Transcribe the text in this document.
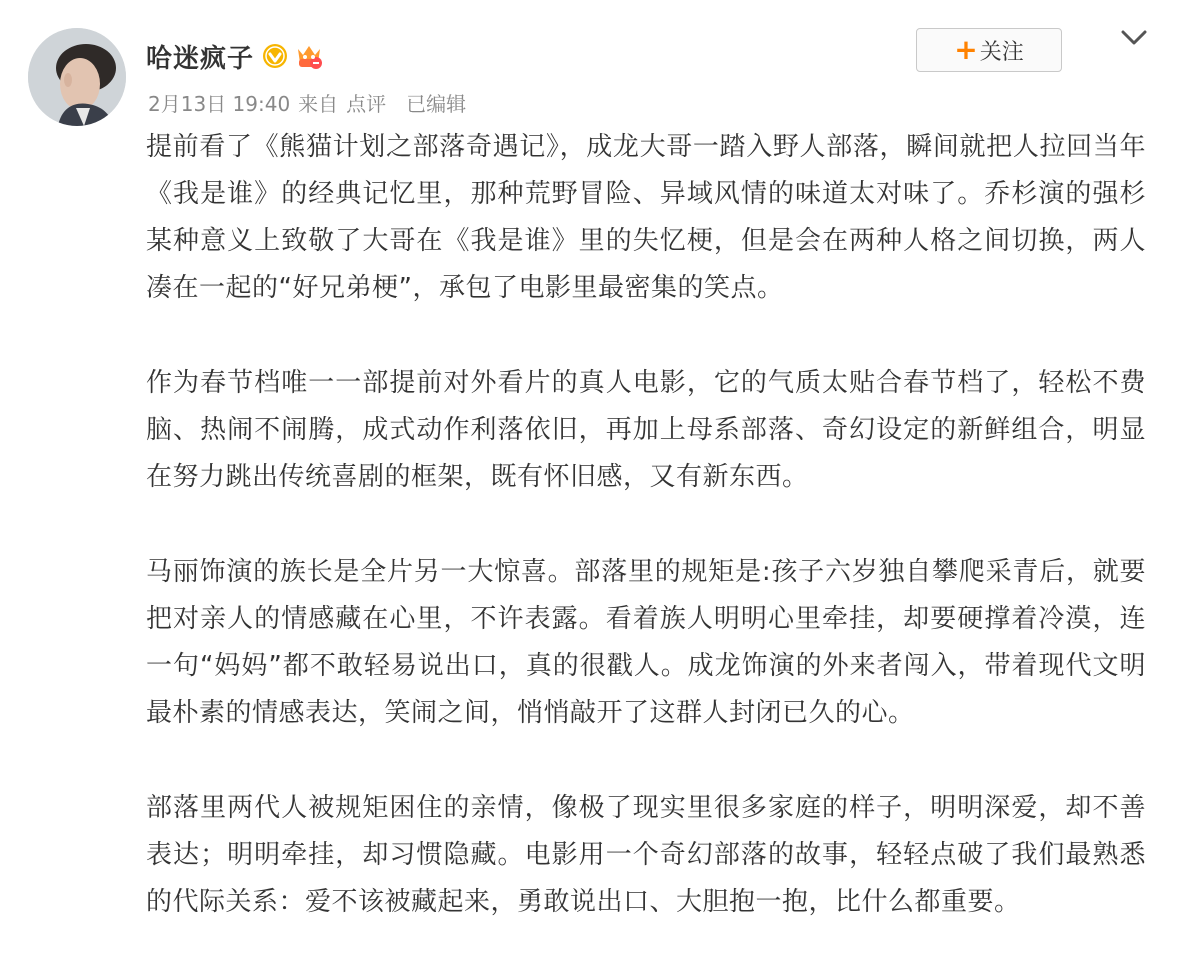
哈迷疯子
2月13日 19:40 来自 点评 已编辑
+ 关注

提前看了《熊猫计划之部落奇遇记》，成龙大哥一踏入野人部落，瞬间就把人拉回当年《我是谁》的经典记忆里，那种荒野冒险、异域风情的味道太对味了。乔杉演的强杉某种意义上致敬了大哥在《我是谁》里的失忆梗，但是会在两种人格之间切换，两人凑在一起的“好兄弟梗”，承包了电影里最密集的笑点。

作为春节档唯一一部提前对外看片的真人电影，它的气质太贴合春节档了，轻松不费脑、热闹不闹腾，成式动作利落依旧，再加上母系部落、奇幻设定的新鲜组合，明显在努力跳出传统喜剧的框架，既有怀旧感，又有新东西。

马丽饰演的族长是全片另一大惊喜。部落里的规矩是:孩子六岁独自攀爬采青后，就要把对亲人的情感藏在心里，不许表露。看着族人明明心里牵挂，却要硬撑着冷漠，连一句“妈妈”都不敢轻易说出口，真的很戳人。成龙饰演的外来者闯入，带着现代文明最朴素的情感表达，笑闹之间，悄悄敲开了这群人封闭已久的心。

部落里两代人被规矩困住的亲情，像极了现实里很多家庭的样子，明明深爱，却不善表达；明明牵挂，却习惯隐藏。电影用一个奇幻部落的故事，轻轻点破了我们最熟悉的代际关系：爱不该被藏起来，勇敢说出口、大胆抱一抱，比什么都重要。
